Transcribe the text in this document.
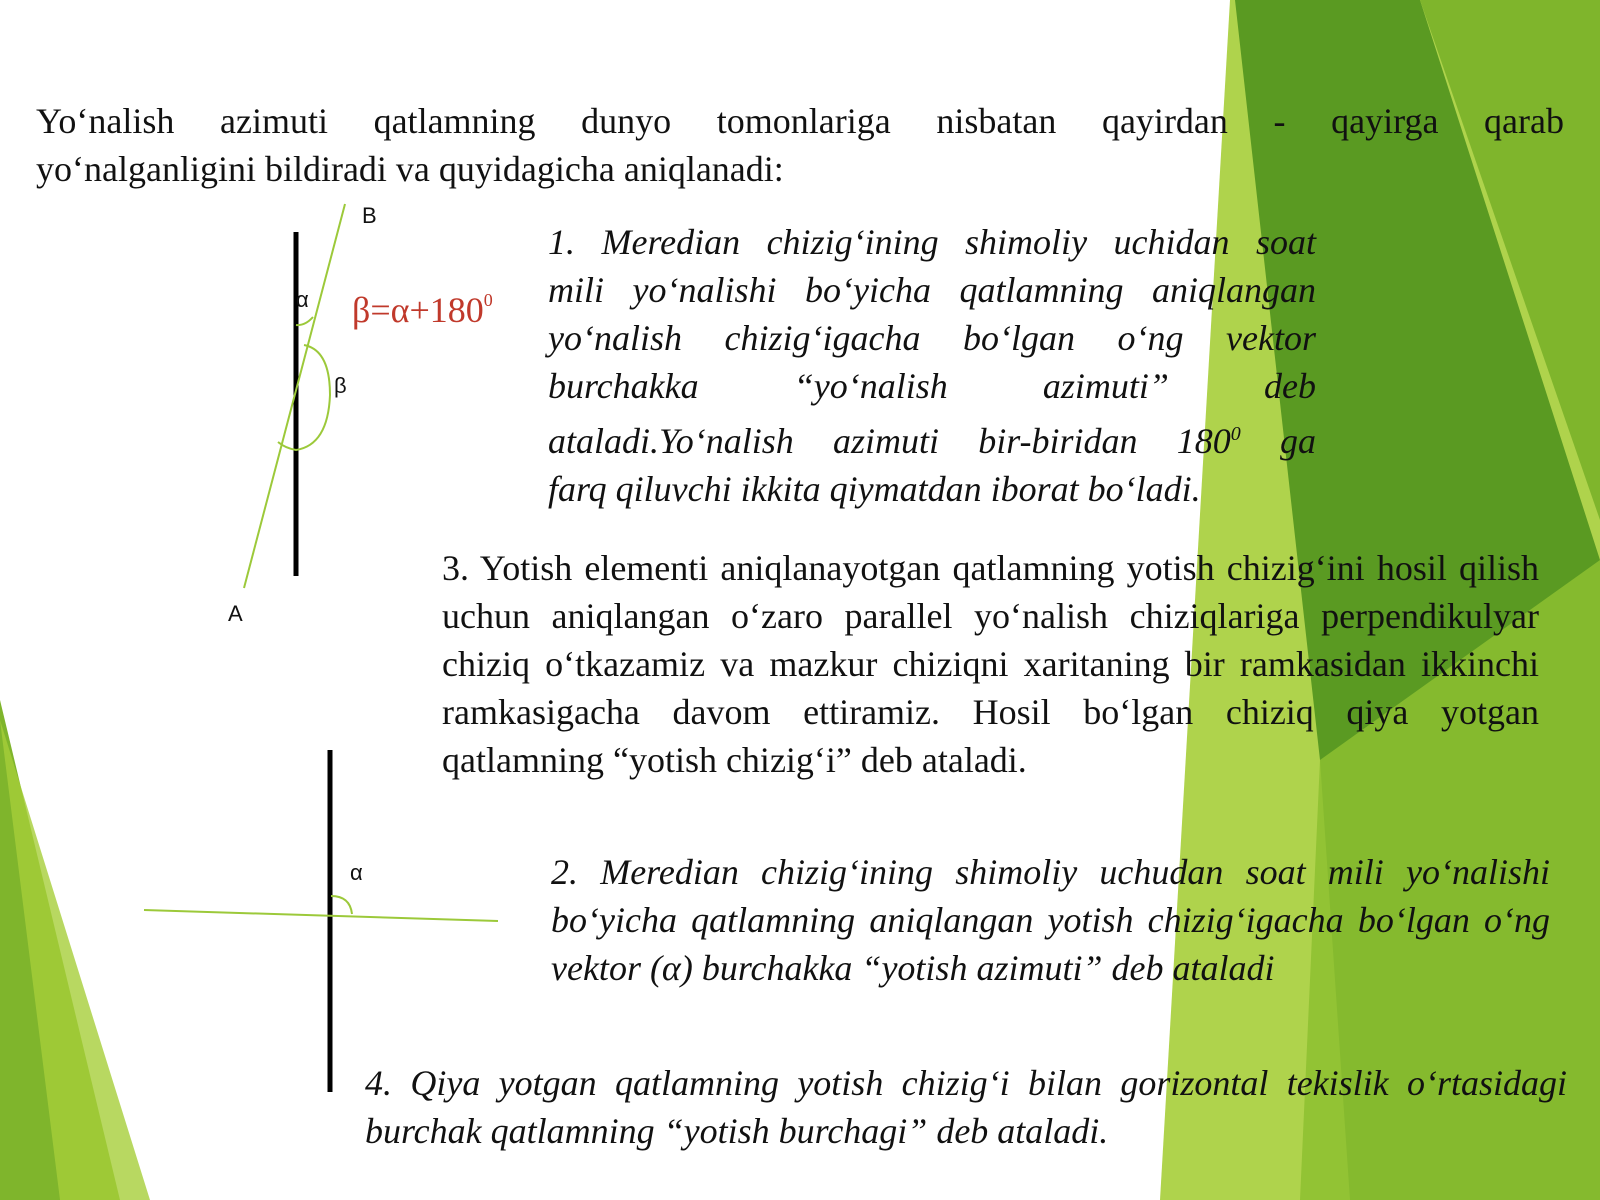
B
A
α
β
$\beta=\alpha+180^0$
α
Yo‘nalish azimuti qatlamning dunyo tomonlariga nisbatan qayirdan - qayirga qarab
yo‘nalganligini bildiradi va quyidagicha aniqlanadi:
1. Meredian chizig‘ining shimoliy uchidan soat
mili yo‘nalishi bo‘yicha qatlamning aniqlangan
yo‘nalish chizig‘igacha bo‘lgan o‘ng vektor
burchakka “yo‘nalish azimuti” deb
ataladi.Yo‘nalish azimuti bir-biridan $180^0$ ga
farq qiluvchi ikkita qiymatdan iborat bo‘ladi.
3. Yotish elementi aniqlanayotgan qatlamning yotish chizig‘ini hosil qilish uchun aniqlangan o‘zaro parallel yo‘nalish chiziqlariga perpendikulyar chiziq o‘tkazamiz va mazkur chiziqni xaritaning bir ramkasidan ikkinchi ramkasigacha davom ettiramiz. Hosil bo‘lgan chiziq qiya yotgan qatlamning “yotish chizig‘i” deb ataladi.
2. Meredian chizig‘ining shimoliy uchudan soat mili yo‘nalishi bo‘yicha qatlamning aniqlangan yotish chizig‘igacha bo‘lgan o‘ng vektor (α) burchakka “yotish azimuti” deb ataladi
4. Qiya yotgan qatlamning yotish chizig‘i bilan gorizontal tekislik o‘rtasidagi burchak qatlamning “yotish burchagi” deb ataladi.
